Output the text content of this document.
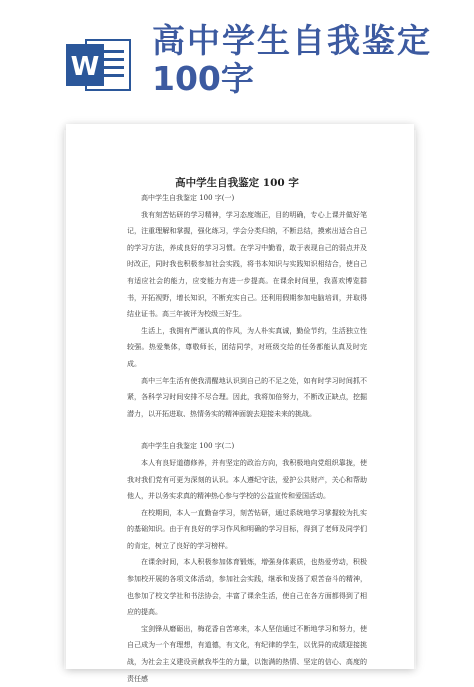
W
高中学生自我鉴定
100字
高中学生自我鉴定 100 字

高中学生自我鉴定 100 字(一)

我有刻苦钻研的学习精神，学习态度端正，目的明确，专心上课并做好笔记，注重理解和掌握，强化练习，学会分类归纳，不断总结，摸索出适合自己的学习方法，养成良好的学习习惯。在学习中勤看，敢于表现自己的弱点并及时改正，同时我也积极参加社会实践，将书本知识与实践知识相结合，使自己有适应社会的能力，应变能力有进一步提高。在课余时间里，我喜欢博览群书，开拓视野，增长知识，不断充实自己。还利用假期参加电脑培训，并取得结业证书。高三年被评为校级三好生。

生活上，我拥有严谨认真的作风，为人朴实真诚，勤俭节约，生活独立性较强。热爱集体，尊敬师长，团结同学，对班级交给的任务都能认真及时完成。

高中三年生活有使我清醒地认识到自己的不足之处，如有时学习时间抓不紧，各科学习时间安排不尽合理。因此，我将加倍努力，不断改正缺点，挖掘潜力，以开拓进取、热情务实的精神面貌去迎接未来的挑战。

高中学生自我鉴定 100 字(二)

本人有良好道德修养，并有坚定的政治方向，我积极地向党组织靠拢，使我对我们党有可更为深刻的认识。本人遵纪守法，爱护公共财产，关心和帮助他人，并以务实求真的精神热心参与学校的公益宣传和爱国活动。

在校期间，本人一直勤奋学习，刻苦钻研，通过系统地学习掌握较为扎实的基础知识。由于有良好的学习作风和明确的学习目标，得到了老师及同学们的肯定，树立了良好的学习榜样。

在课余时间，本人积极参加体育锻炼，增强身体素质，也热爱劳动，积极参加校开展的各项文体活动，参加社会实践，继承和发扬了艰苦奋斗的精神，也参加了校文学社和书法协会，丰富了课余生活，使自己在各方面都得到了相应的提高。

宝剑锋从磨砺出，梅花香自苦寒来，本人坚信通过不断地学习和努力，使自己成为一个有理想，有道德，有文化，有纪律的学生，以优异的成绩迎接挑战，为社会主义建设贡献我毕生的力量，以饱满的热情、坚定的信心、高度的责任感
